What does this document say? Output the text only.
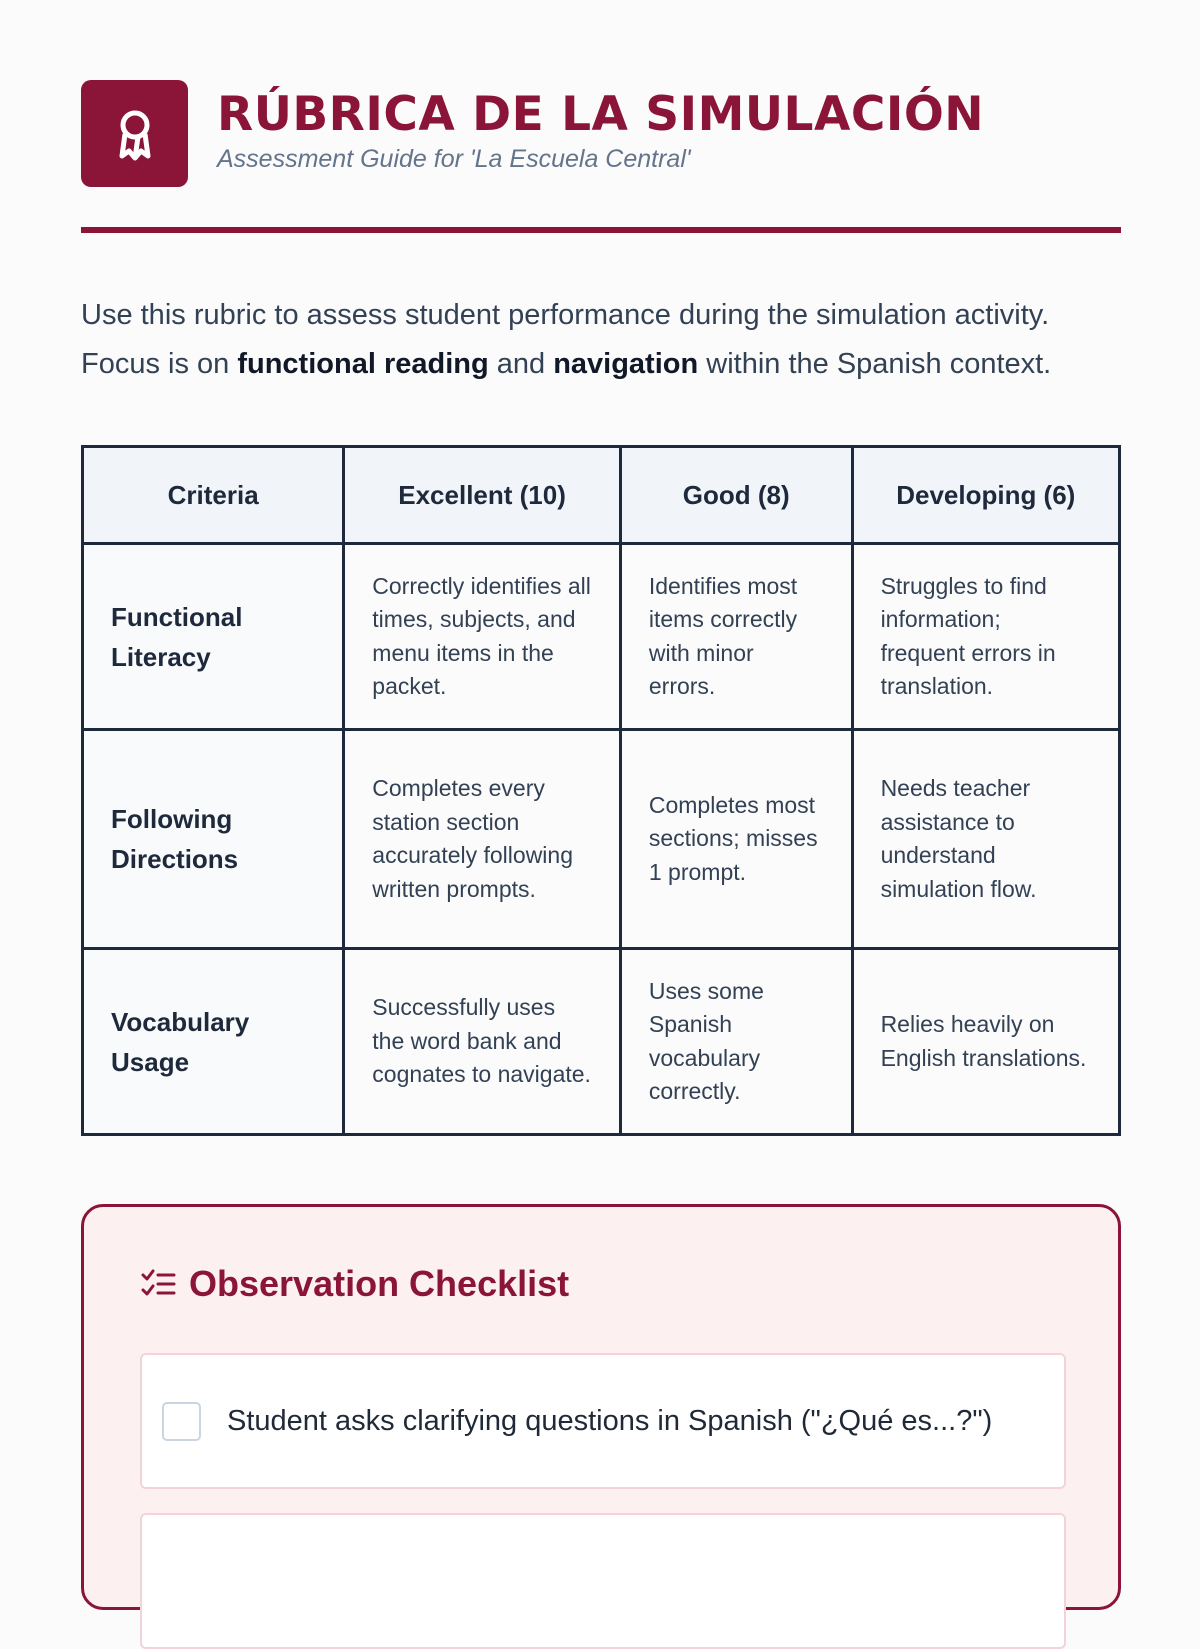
RÚBRICA DE LA SIMULACIÓN
Assessment Guide for 'La Escuela Central'

Use this rubric to assess student performance during the simulation activity. Focus is on functional reading and navigation within the Spanish context.

Criteria	Excellent (10)	Good (8)	Developing (6)
Functional Literacy	Correctly identifies all times, subjects, and menu items in the packet.	Identifies most items correctly with minor errors.	Struggles to find information; frequent errors in translation.
Following Directions	Completes every station section accurately following written prompts.	Completes most sections; misses 1 prompt.	Needs teacher assistance to understand simulation flow.
Vocabulary Usage	Successfully uses the word bank and cognates to navigate.	Uses some Spanish vocabulary correctly.	Relies heavily on English translations.
Observation Checklist
Student asks clarifying questions in Spanish ("¿Qué es...?")
